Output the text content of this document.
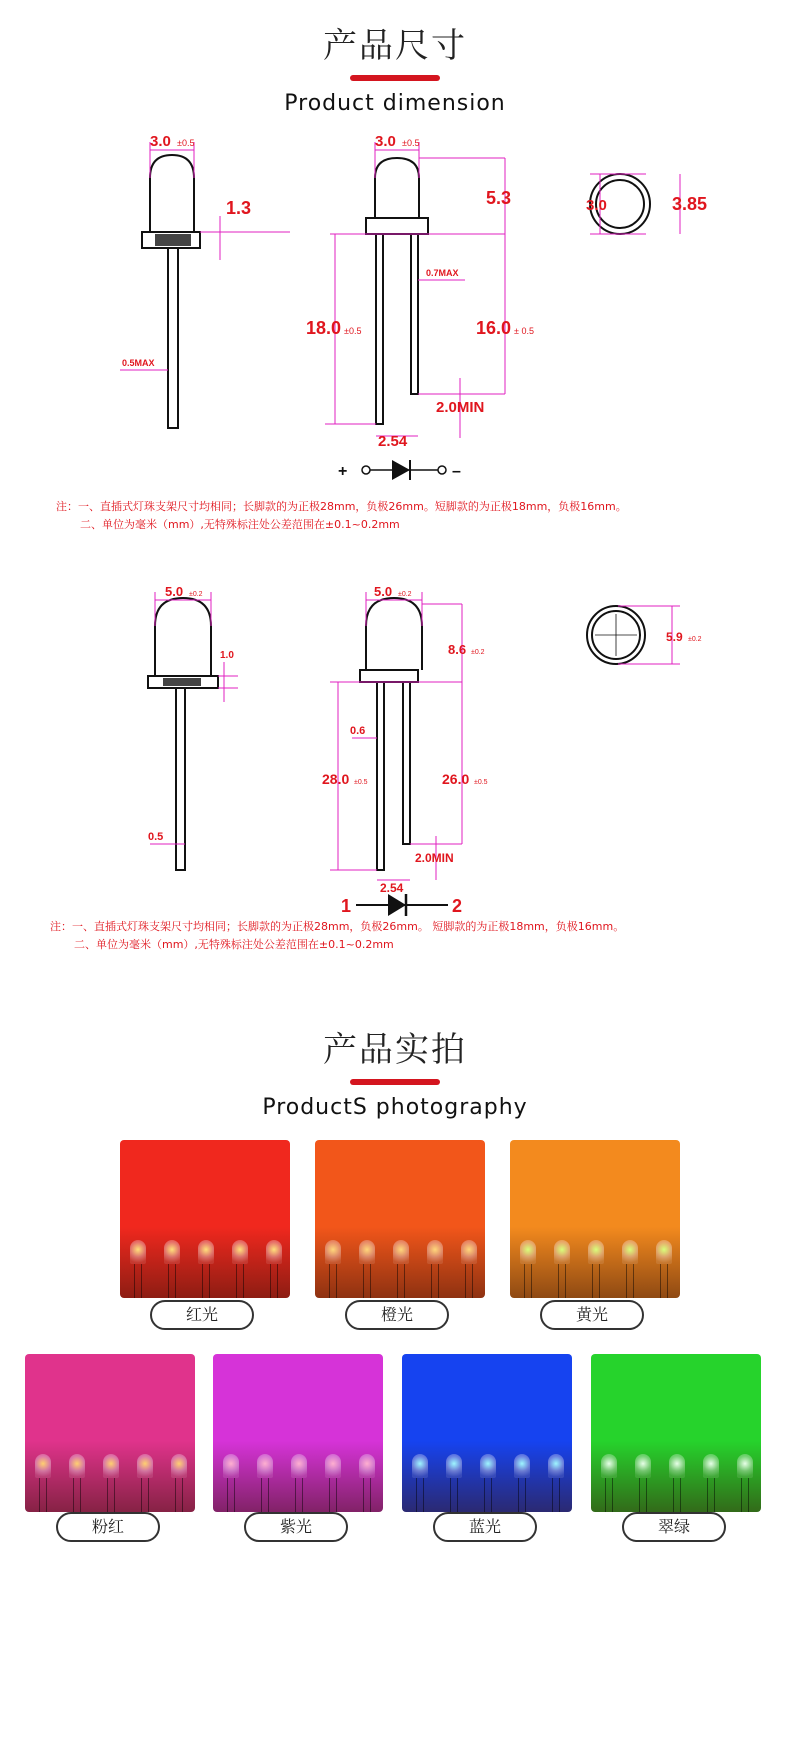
产品尺寸
Product dimension
3.0 ±0.5
1.3
0.5MAX
3.0 ±0.5
5.3
0.7MAX
18.0 ±0.5	16.0 ± 0.5
2.0MIN
2.54
3.0	3.85
+	–
注：一、直插式灯珠支架尺寸均相同；长脚款的为正极28mm，负极26mm。短脚款的为正极18mm，负极16mm。
二、单位为毫米（mm）,无特殊标注处公差范围在±0.1~0.2mm
5.0 ±0.2
1.0
0.5
5.0 ±0.2
8.6 ±0.2
0.6
28.0 ±0.5	26.0 ±0.5
2.0MIN
2.54
5.9 ±0.2
1	2
注：一、直插式灯珠支架尺寸均相同；长脚款的为正极28mm，负极26mm。 短脚款的为正极18mm，负极16mm。
二、单位为毫米（mm）,无特殊标注处公差范围在±0.1~0.2mm
产品实拍
ProductS photography
红光	橙光	黄光
粉红	紫光	蓝光	翠绿
